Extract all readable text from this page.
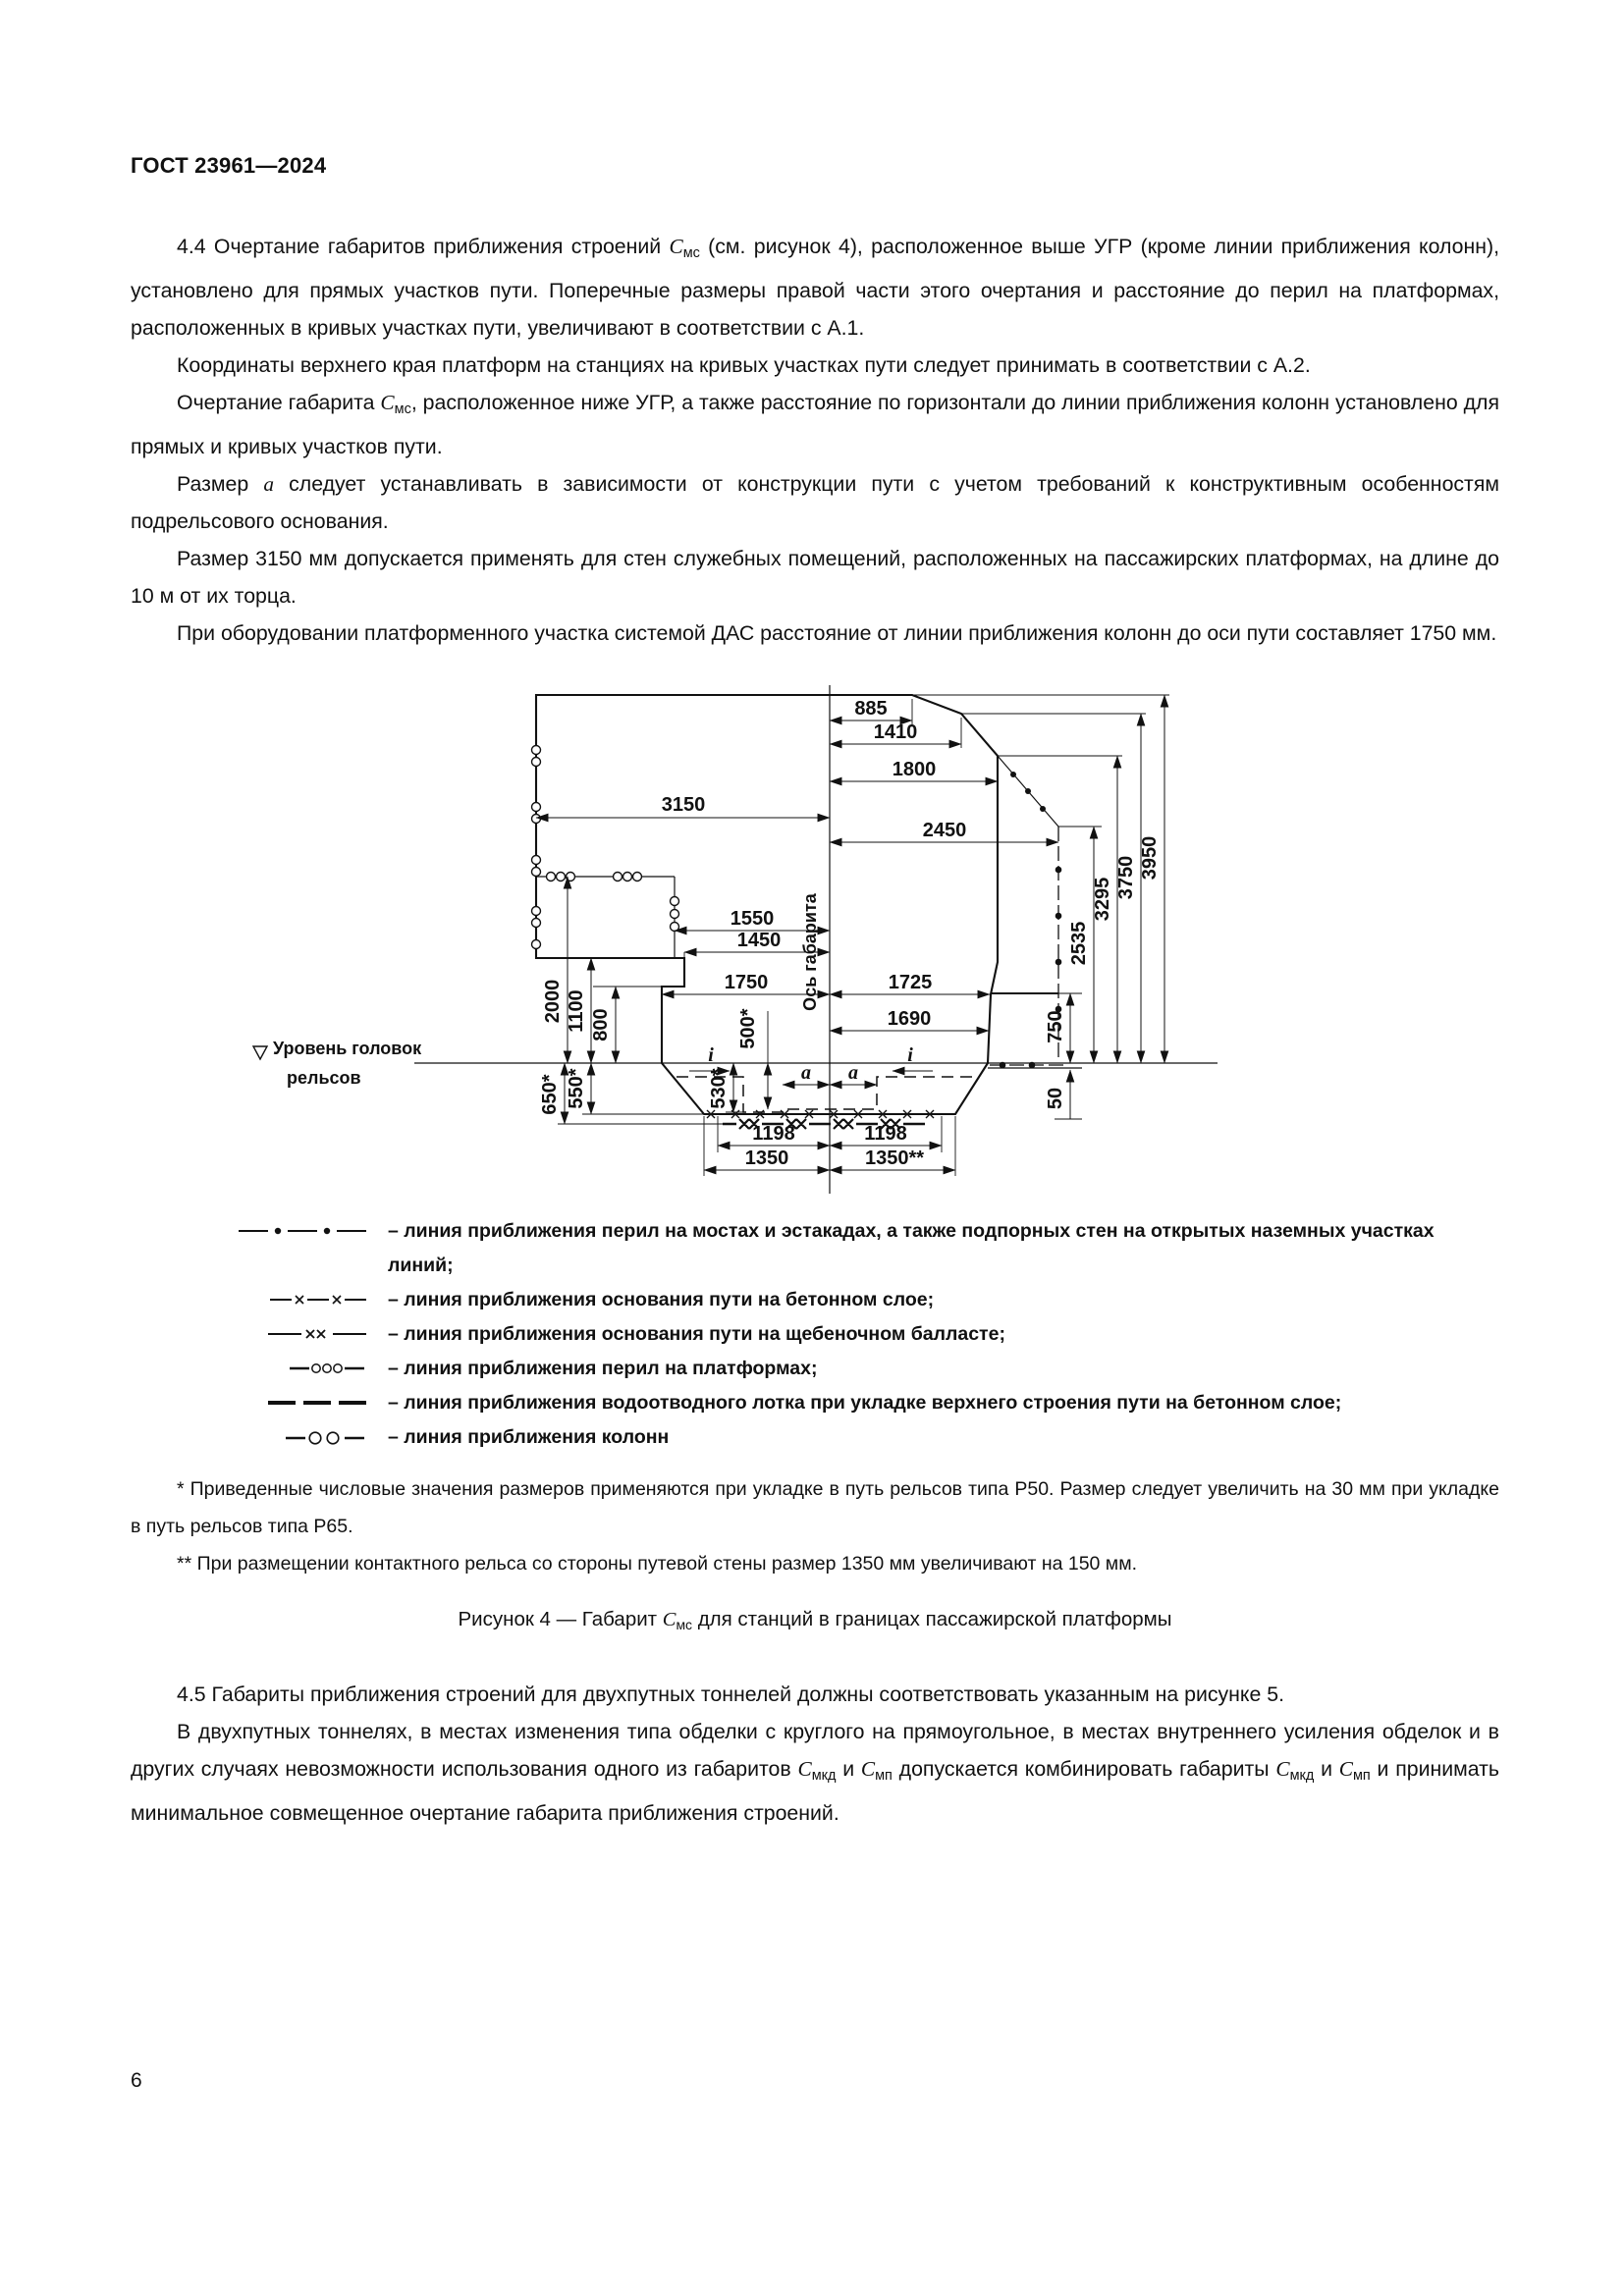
ГОСТ 23961—2024

4.4 Очертание габаритов приближения строений $С_{мс}$ (см. рисунок 4), расположенное выше УГР (кроме линии приближения колонн), установлено для прямых участков пути. Поперечные размеры правой части этого очертания и расстояние до перил на платформах, расположенных в кривых участках пути, увеличивают в соответствии с А.1.

Координаты верхнего края платформ на станциях на кривых участках пути следует принимать в соответствии с А.2.

Очертание габарита $С_{мс}$, расположенное ниже УГР, а также расстояние по горизонтали до линии приближения колонн установлено для прямых и кривых участков пути.

Размер а следует устанавливать в зависимости от конструкции пути с учетом требований к конструктивным особенностям подрельсового основания.

Размер 3150 мм допускается применять для стен служебных помещений, расположенных на пассажирских платформах, на длине до 10 м от их торца.

При оборудовании платформенного участка системой ДАС расстояние от линии приближения колонн до оси пути составляет 1750 мм.

885
1410
1800
3150
2450
1550
1450
1750	1725
1690
a a
1198	1198
1350	1350**
2000 1100 800
650* 550*	530*
500*	750
50
2535
3295 3750 3950
i	i
Ось габарита
Уровень головок
рельсов
– линия приближения перил на мостах и эстакадах, а также подпорных стен на открытых наземных участках линий;
– линия приближения основания пути на бетонном слое;
– линия приближения основания пути на щебеночном балласте;
– линия приближения перил на платформах;
– линия приближения водоотводного лотка при укладке верхнего строения пути на бетонном слое;
– линия приближения колонн

* Приведенные числовые значения размеров применяются при укладке в путь рельсов типа Р50. Размер следует увеличить на 30 мм при укладке в путь рельсов типа Р65.

** При размещении контактного рельса со стороны путевой стены размер 1350 мм увеличивают на 150 мм.

Рисунок 4 — Габарит $С_{мс}$ для станций в границах пассажирской платформы

4.5 Габариты приближения строений для двухпутных тоннелей должны соответствовать указанным на рисунке 5.

В двухпутных тоннелях, в местах изменения типа обделки с круглого на прямоугольное, в местах внутреннего усиления обделок и в других случаях невозможности использования одного из габаритов $С_{мкд}$ и $С_{мп}$ допускается комбинировать габариты $С_{мкд}$ и $С_{мп}$ и принимать минимальное совмещенное очертание габарита приближения строений.

6
